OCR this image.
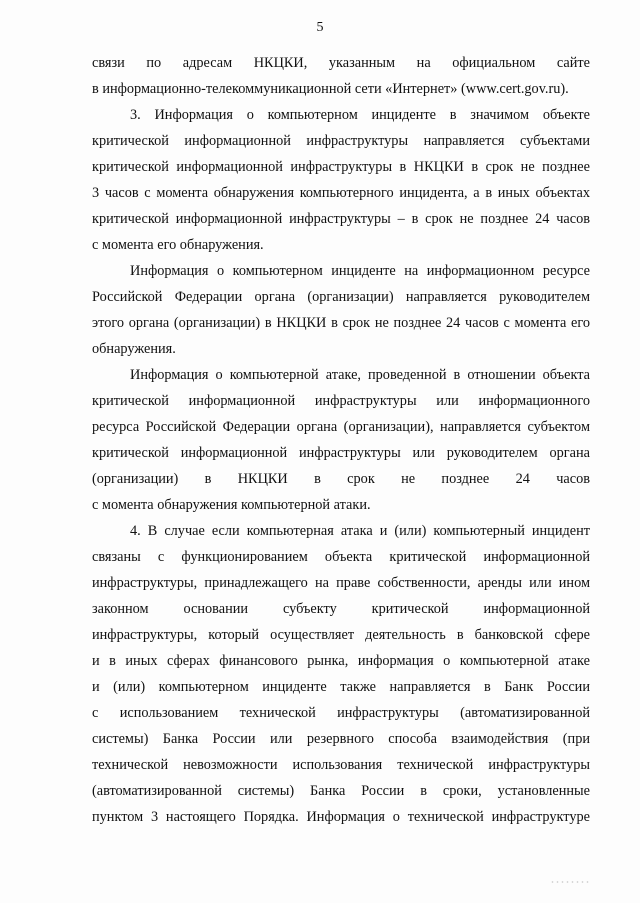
5
связи по адресам НКЦКИ, указанным на официальном сайте
в информационно-телекоммуникационной сети «Интернет» (www.cert.gov.ru).
3. Информация о компьютерном инциденте в значимом объекте
критической информационной инфраструктуры направляется субъектами
критической информационной инфраструктуры в НКЦКИ в срок не позднее
3 часов с момента обнаружения компьютерного инцидента, а в иных объектах
критической информационной инфраструктуры – в срок не позднее 24 часов
с момента его обнаружения.
Информация о компьютерном инциденте на информационном ресурсе
Российской Федерации органа (организации) направляется руководителем
этого органа (организации) в НКЦКИ в срок не позднее 24 часов с момента его
обнаружения.
Информация о компьютерной атаке, проведенной в отношении объекта
критической информационной инфраструктуры или информационного
ресурса Российской Федерации органа (организации), направляется субъектом
критической информационной инфраструктуры или руководителем органа
(организации) в НКЦКИ в срок не позднее 24 часов
с момента обнаружения компьютерной атаки.
4. В случае если компьютерная атака и (или) компьютерный инцидент
связаны с функционированием объекта критической информационной
инфраструктуры, принадлежащего на праве собственности, аренды или ином
законном основании субъекту критической информационной
инфраструктуры, который осуществляет деятельность в банковской сфере
и в иных сферах финансового рынка, информация о компьютерной атаке
и (или) компьютерном инциденте также направляется в Банк России
с использованием технической инфраструктуры (автоматизированной
системы) Банка России или резервного способа взаимодействия (при
технической невозможности использования технической инфраструктуры
(автоматизированной системы) Банка России в сроки, установленные
пунктом 3 настоящего Порядка. Информация о технической инфраструктуре
